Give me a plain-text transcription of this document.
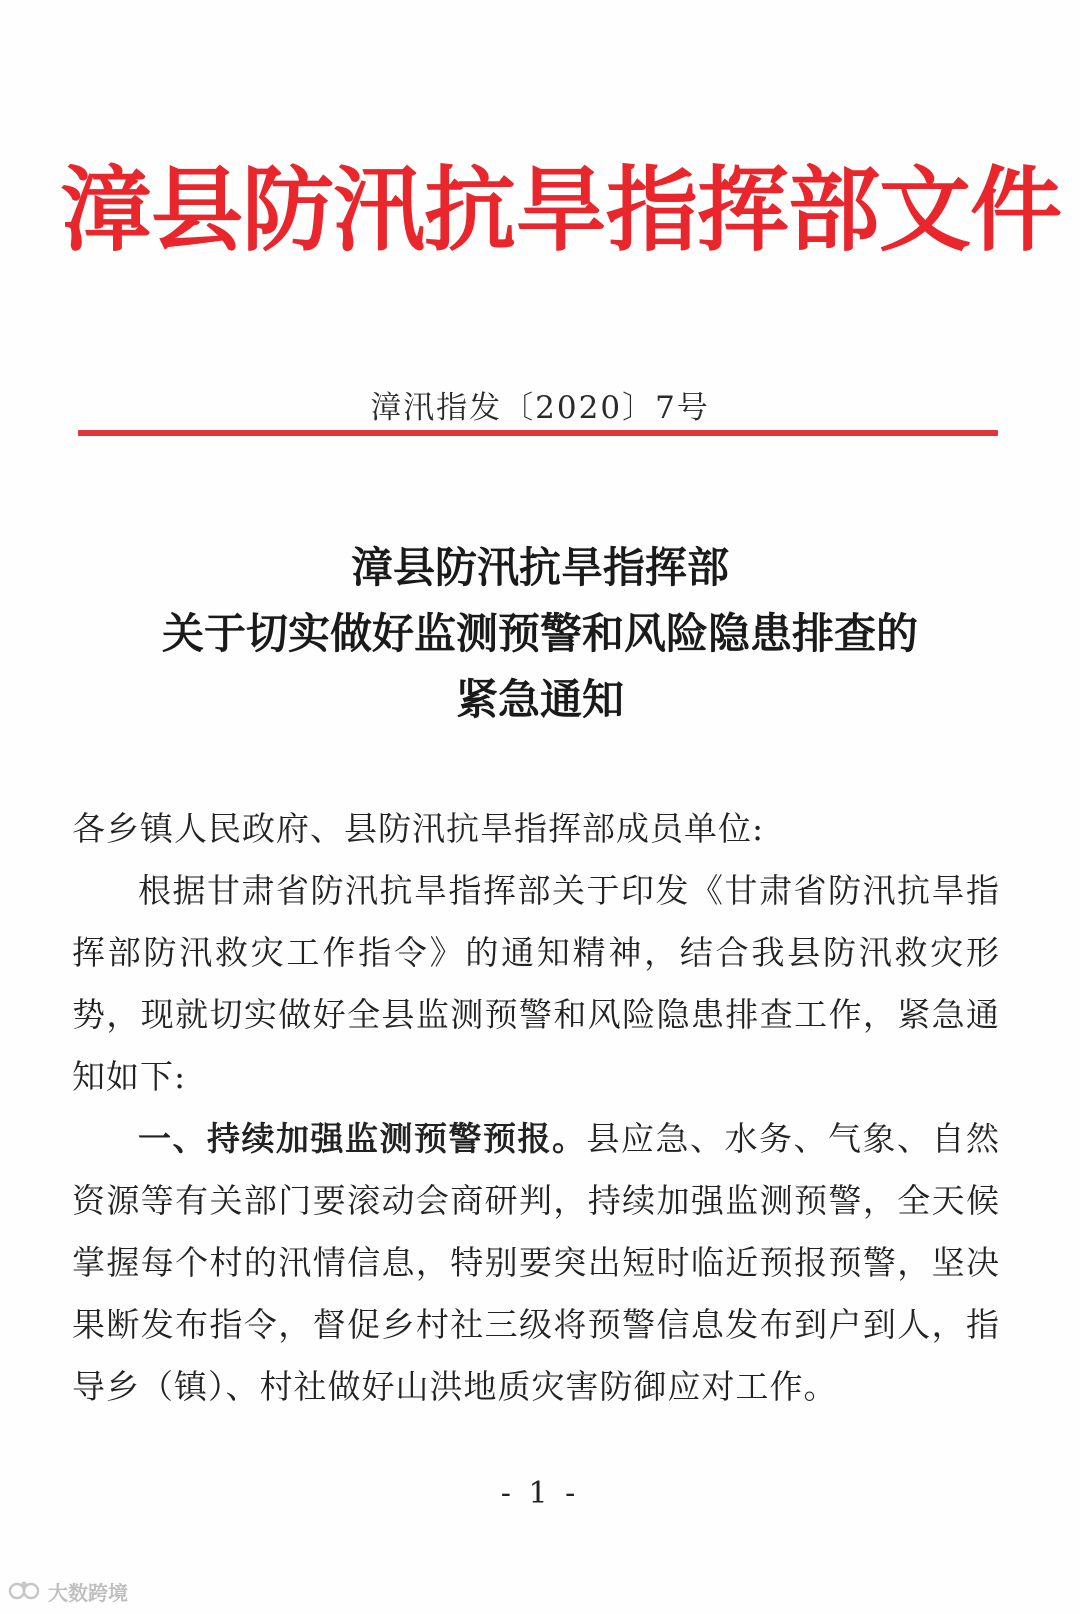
漳县防汛抗旱指挥部文件
漳汛指发〔2020〕7号
漳县防汛抗旱指挥部
关于切实做好监测预警和风险隐患排查的
紧急通知

各乡镇人民政府、县防汛抗旱指挥部成员单位:

根据甘肃省防汛抗旱指挥部关于印发《甘肃省防汛抗旱指挥部防汛救灾工作指令》的通知精神，结合我县防汛救灾形势，现就切实做好全县监测预警和风险隐患排查工作，紧急通知如下:

一、持续加强监测预警预报。县应急、水务、气象、自然资源等有关部门要滚动会商研判，持续加强监测预警，全天候掌握每个村的汛情信息，特别要突出短时临近预报预警，坚决果断发布指令，督促乡村社三级将预警信息发布到户到人，指导乡（镇）、村社做好山洪地质灾害防御应对工作。

- 1 -
大数跨境
